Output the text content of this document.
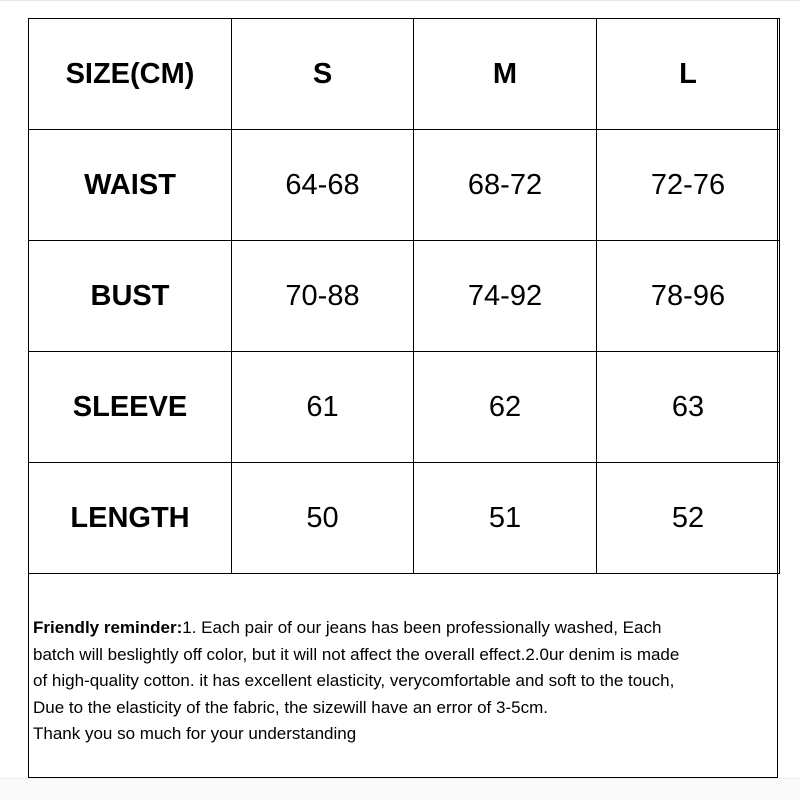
SIZE(CM)	S	M	L
WAIST	64-68	68-72	72-76
BUST	70-88	74-92	78-96
SLEEVE	61	62	63
LENGTH	50	51	52
Friendly reminder:1. Each pair of our jeans has been professionally washed, Each
batch will beslightly off color, but it will not affect the overall effect.2.0ur denim is made
of high-quality cotton. it has excellent elasticity, verycomfortable and soft to the touch,
Due to the elasticity of the fabric, the sizewill have an error of 3-5cm.
Thank you so much for your understanding
